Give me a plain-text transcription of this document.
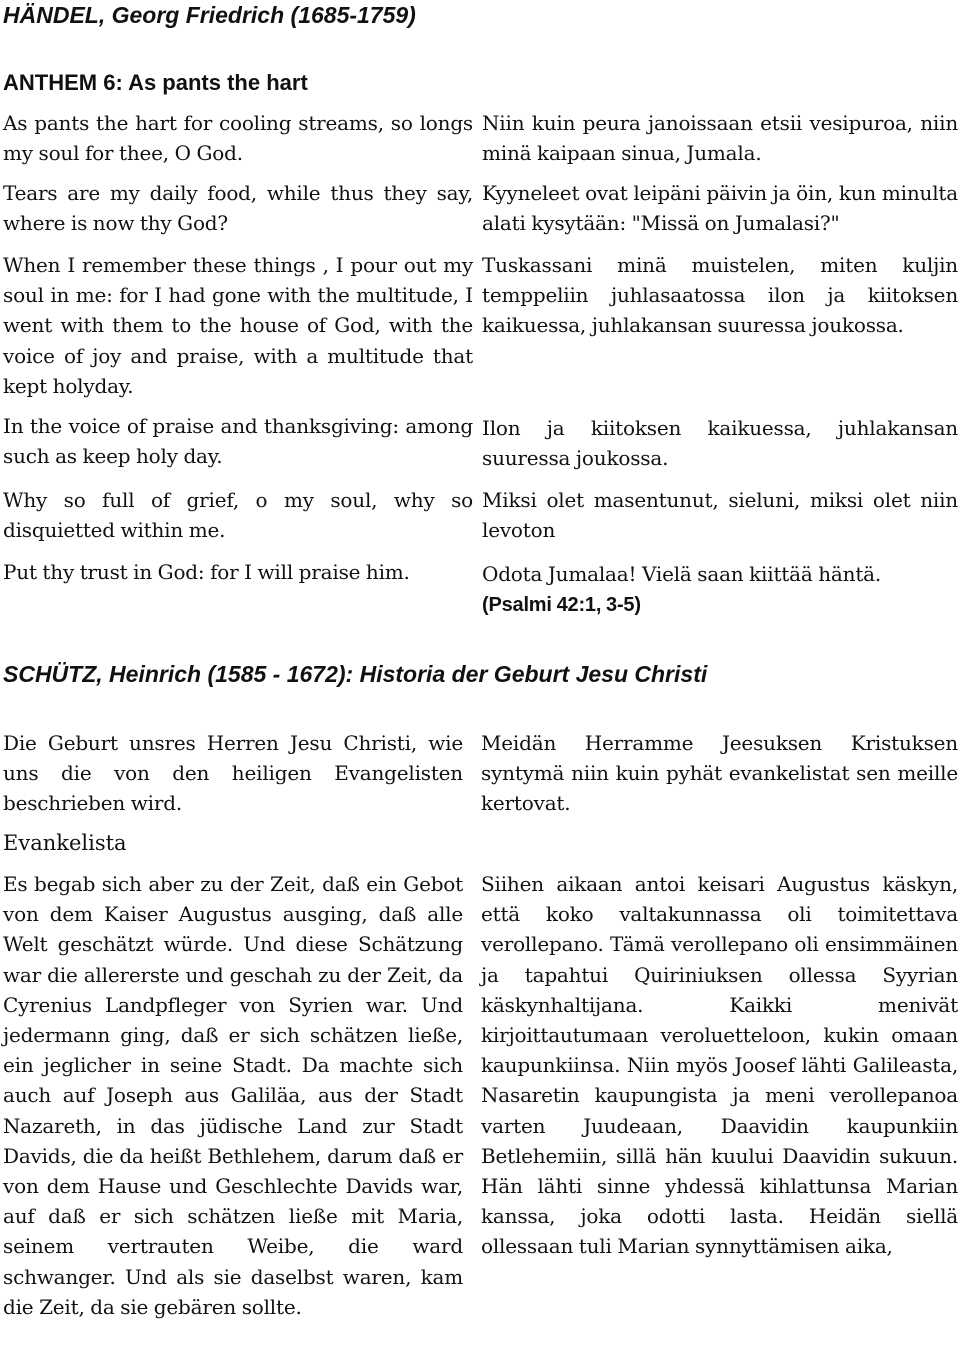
HÄNDEL, Georg Friedrich (1685-1759)
ANTHEM 6: As pants the hart

As pants the hart for cooling streams, so longs my soul for thee, O God.

Tears are my daily food, while thus they say, where is now thy God?

When I remember these things , I pour out my soul in me: for I had gone with the multitude, I went with them to the house of God, with the voice of joy and praise, with a multitude that kept holyday.

In the voice of praise and thanksgiving: among such as keep holy day.

Why so full of grief, o my soul, why so disquietted within me.

Put thy trust in God: for I will praise him.

Niin kuin peura janoissaan etsii vesipuroa, niin minä kaipaan sinua, Jumala.

Kyyneleet ovat leipäni päivin ja öin, kun minulta alati kysytään: "Missä on Jumalasi?"

Tuskassani minä muistelen, miten kuljin temppeliin juhlasaatossa ilon ja kiitoksen kaikuessa, juhlakansan suuressa joukossa.

Ilon ja kiitoksen kaikuessa, juhlakansan suuressa joukossa.

Miksi olet masentunut, sieluni, miksi olet niin levoton

Odota Jumalaa! Vielä saan kiittää häntä.

(Psalmi 42:1, 3-5)

SCHÜTZ, Heinrich (1585 - 1672): Historia der Geburt Jesu Christi

Die Geburt unsres Herren Jesu Christi, wie uns die von den heiligen Evangelisten beschrieben wird.

Meidän Herramme Jeesuksen Kristuksen syntymä niin kuin pyhät evankelistat sen meille kertovat.

Evankelista

Es begab sich aber zu der Zeit, daß ein Gebot von dem Kaiser Augustus ausging, daß alle Welt geschätzt würde. Und diese Schätzung war die allererste und geschah zu der Zeit, da Cyrenius Landpfleger von Syrien war. Und jedermann ging, daß er sich schätzen ließe, ein jeglicher in seine Stadt. Da machte sich auch auf Joseph aus Galiläa, aus der Stadt Nazareth, in das jüdische Land zur Stadt Davids, die da heißt Bethlehem, darum daß er von dem Hause und Geschlechte Davids war, auf daß er sich schätzen ließe mit Maria, seinem vertrauten Weibe, die ward schwanger. Und als sie daselbst waren, kam die Zeit, da sie gebären sollte.

Siihen aikaan antoi keisari Augustus käskyn, että koko valtakunnassa oli toimitettava verollepano. Tämä verollepano oli ensimmäinen ja tapahtui Quiriniuksen ollessa Syyrian käskynhaltijana. Kaikki menivät kirjoittautumaan veroluetteloon, kukin omaan kaupunkiinsa. Niin myös Joosef lähti Galileasta, Nasaretin kaupungista ja meni verollepanoa varten Juudeaan, Daavidin kaupunkiin Betlehemiin, sillä hän kuului Daavidin sukuun. Hän lähti sinne yhdessä kihlattunsa Marian kanssa, joka odotti lasta. Heidän siellä ollessaan tuli Marian synnyttämisen aika,
